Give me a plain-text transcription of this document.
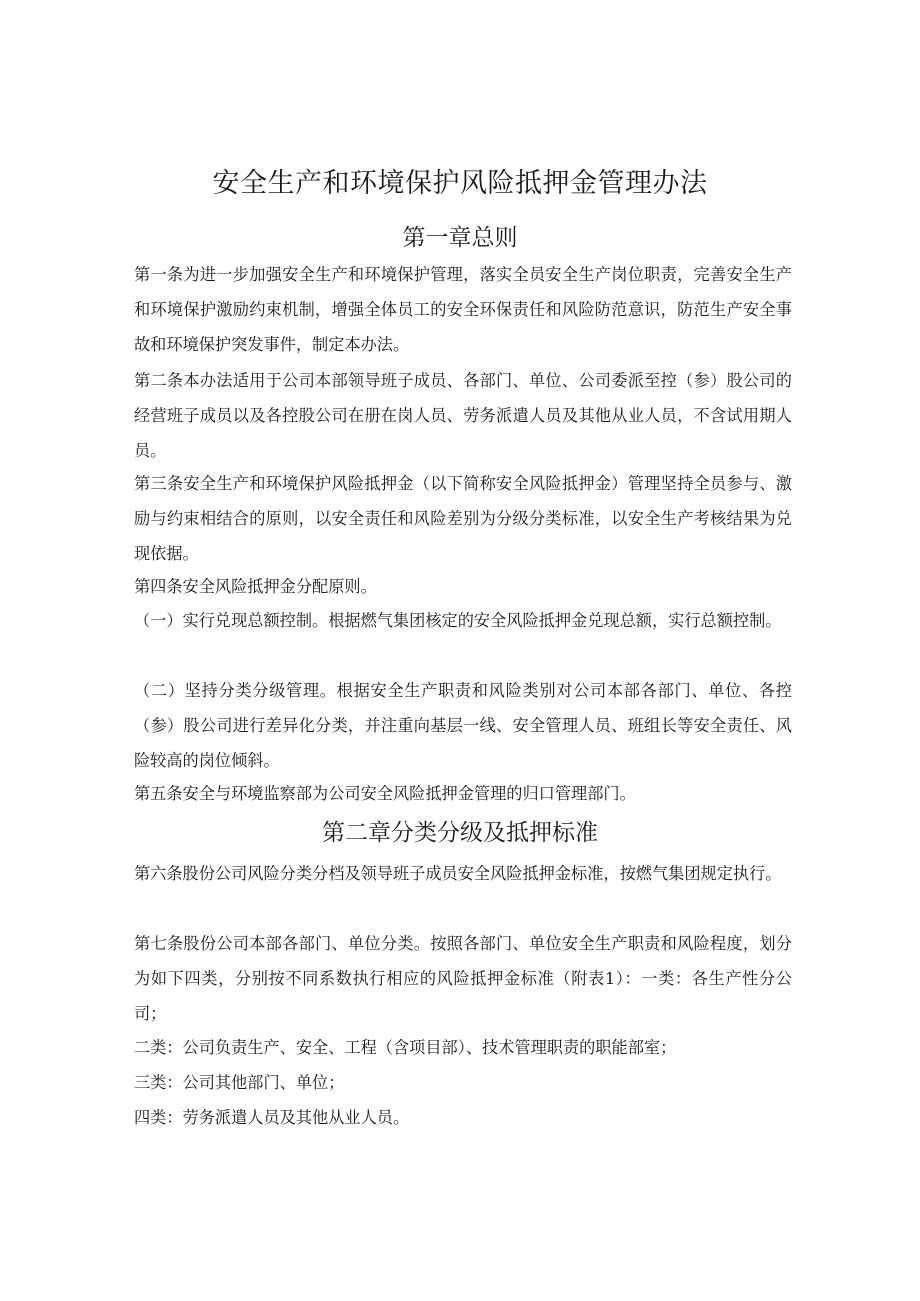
安全生产和环境保护风险抵押金管理办法
第一章总则

第一条为进一步加强安全生产和环境保护管理，落实全员安全生产岗位职责，完善安全生产和环境保护激励约束机制，增强全体员工的安全环保责任和风险防范意识，防范生产安全事故和环境保护突发事件，制定本办法。

第二条本办法适用于公司本部领导班子成员、各部门、单位、公司委派至控（参）股公司的经营班子成员以及各控股公司在册在岗人员、劳务派遣人员及其他从业人员，不含试用期人员。

第三条安全生产和环境保护风险抵押金（以下简称安全风险抵押金）管理坚持全员参与、激励与约束相结合的原则，以安全责任和风险差别为分级分类标准，以安全生产考核结果为兑现依据。

第四条安全风险抵押金分配原则。

（一）实行兑现总额控制。根据燃气集团核定的安全风险抵押金兑现总额，实行总额控制。

（二）坚持分类分级管理。根据安全生产职责和风险类别对公司本部各部门、单位、各控（参）股公司进行差异化分类，并注重向基层一线、安全管理人员、班组长等安全责任、风险较高的岗位倾斜。

第五条安全与环境监察部为公司安全风险抵押金管理的归口管理部门。

第二章分类分级及抵押标准

第六条股份公司风险分类分档及领导班子成员安全风险抵押金标准，按燃气集团规定执行。

第七条股份公司本部各部门、单位分类。按照各部门、单位安全生产职责和风险程度，划分为如下四类，分别按不同系数执行相应的风险抵押金标准（附表1）：一类：各生产性分公司；

二类：公司负责生产、安全、工程（含项目部）、技术管理职责的职能部室；

三类：公司其他部门、单位；

四类：劳务派遣人员及其他从业人员。
